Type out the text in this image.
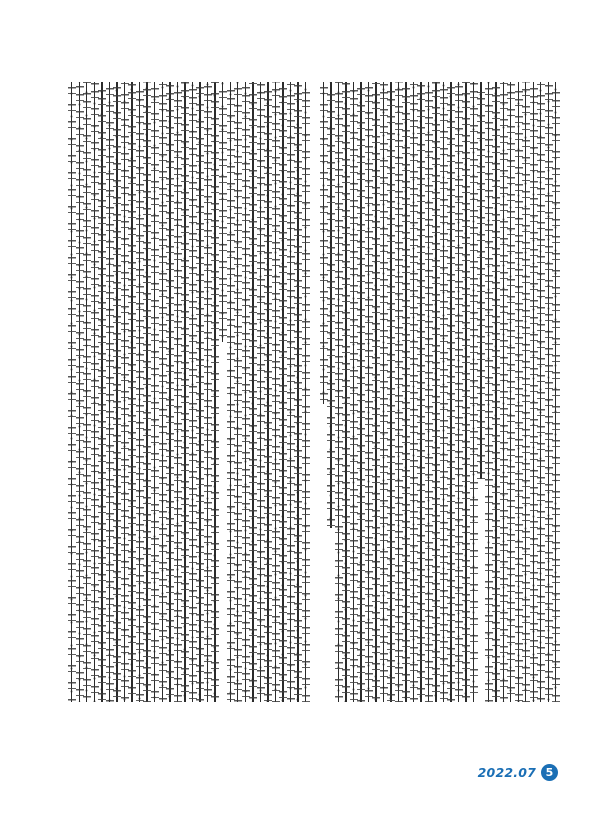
2022.07 5
